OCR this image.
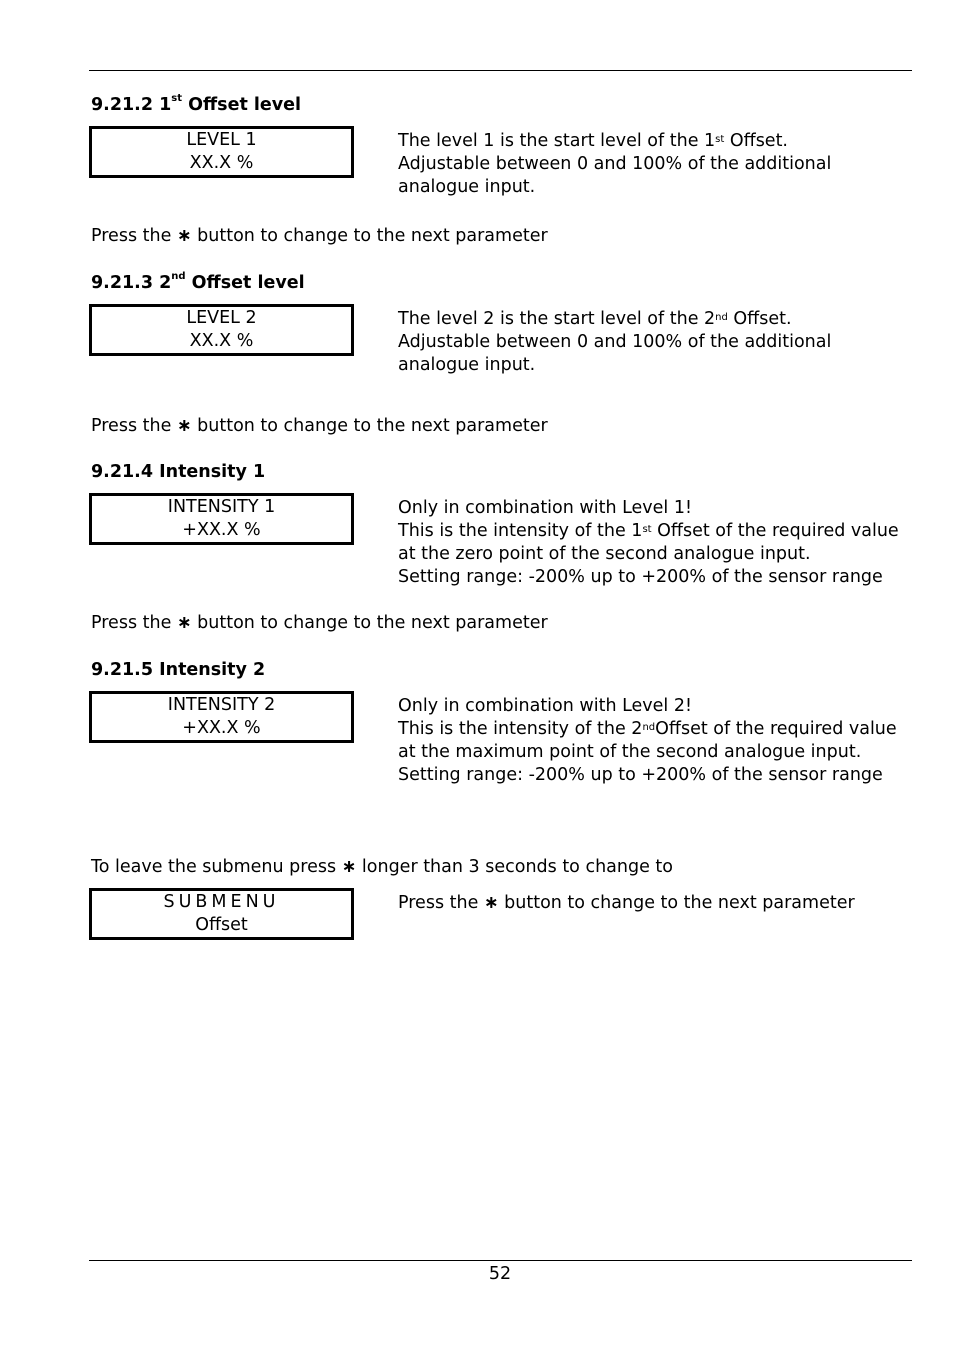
9.21.2 1st Offset level
LEVEL 1
XX.X %
The level 1 is the start level of the 1st Offset.
Adjustable between 0 and 100% of the additional
analogue input.
Press the ∗ button to change to the next parameter
9.21.3 2nd Offset level
LEVEL 2
XX.X %
The level 2 is the start level of the 2nd Offset.
Adjustable between 0 and 100% of the additional
analogue input.
Press the ∗ button to change to the next parameter
9.21.4 Intensity 1
INTENSITY 1
+XX.X %
Only in combination with Level 1!
This is the intensity of the 1st Offset of the required value
at the zero point of the second analogue input.
Setting range: -200% up to +200% of the sensor range
Press the ∗ button to change to the next parameter
9.21.5 Intensity 2
INTENSITY 2
+XX.X %
Only in combination with Level 2!
This is the intensity of the 2ndOffset of the required value
at the maximum point of the second analogue input.
Setting range: -200% up to +200% of the sensor range
To leave the submenu press ∗ longer than 3 seconds to change to
SUBMENU
Offset
Press the ∗ button to change to the next parameter
52
